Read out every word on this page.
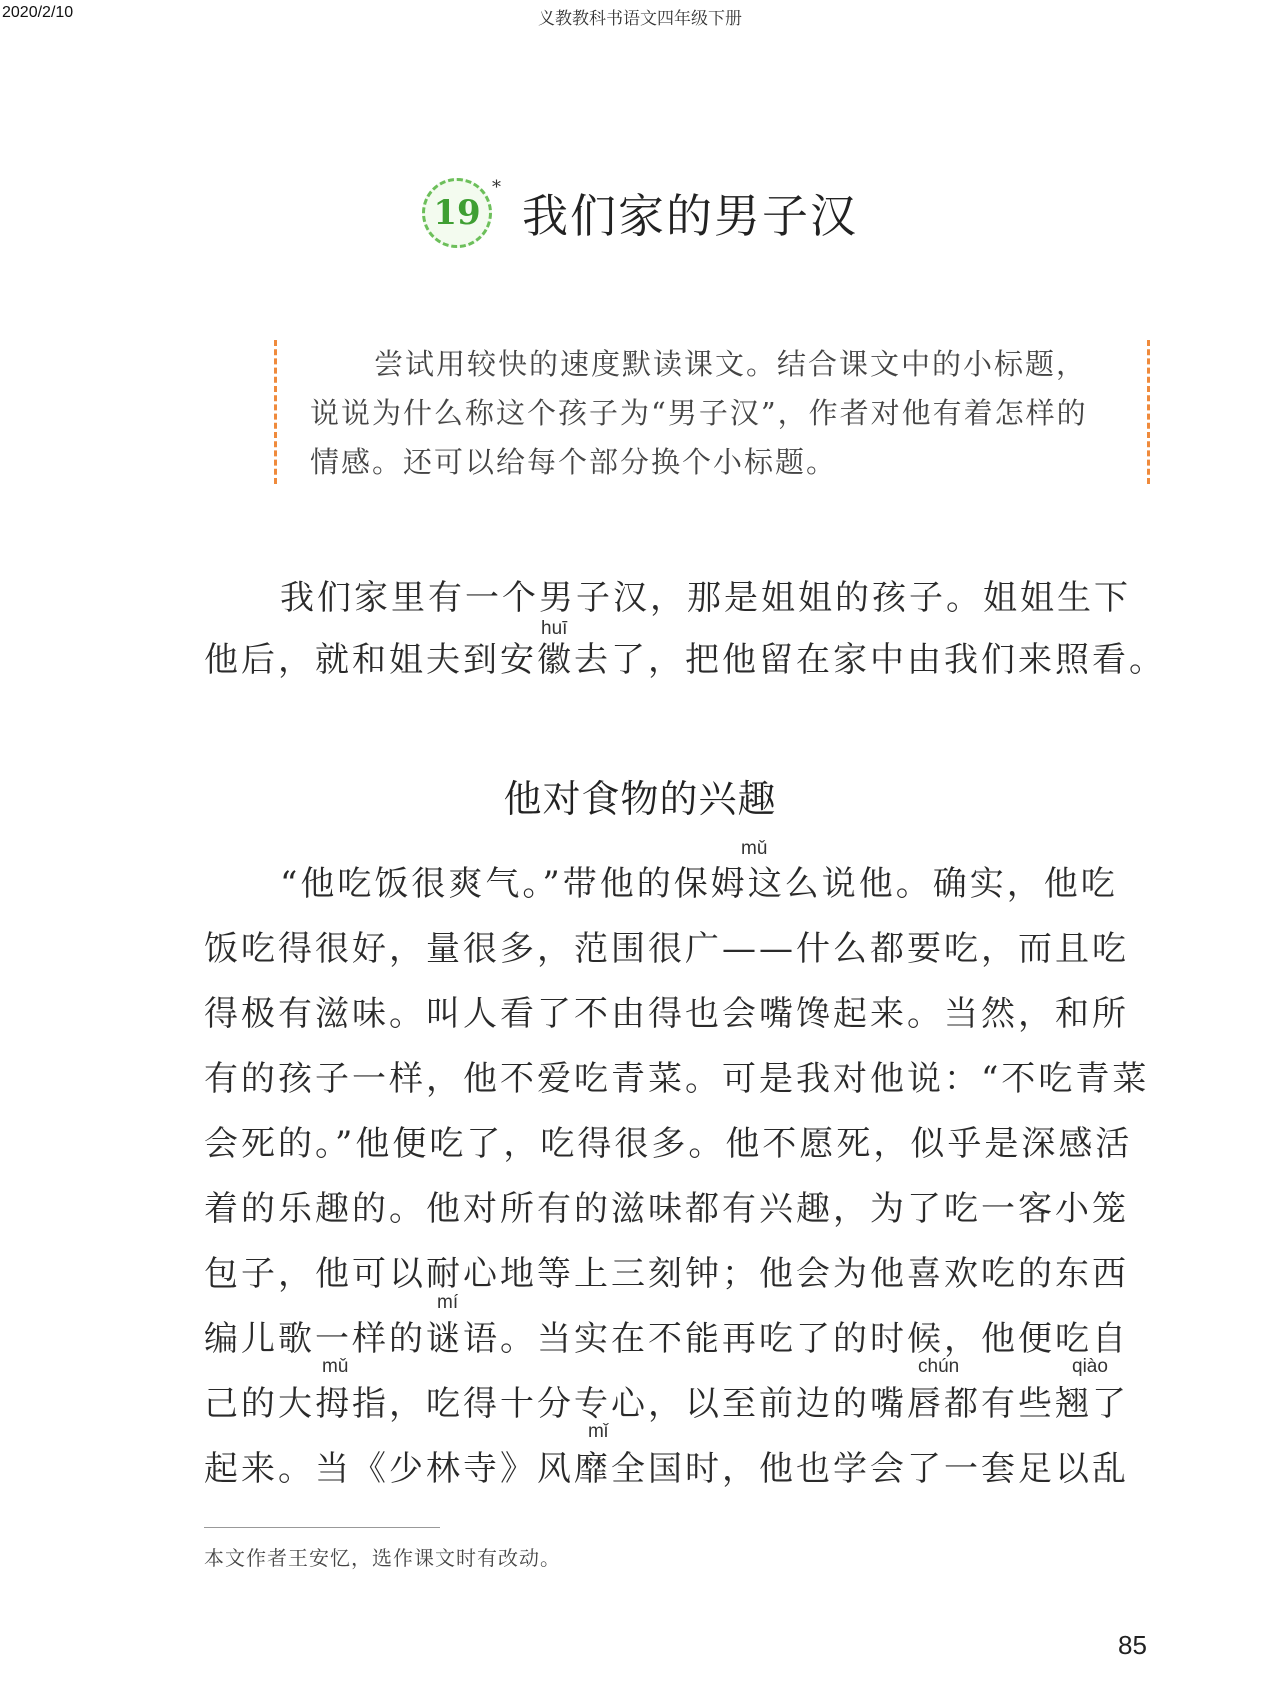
2020/2/10	义教教科书语文四年级下册
19
*
我们家的男子汉
尝试用较快的速度默读课文。结合课文中的小标题，说说为什么称这个孩子为“男子汉”，作者对他有着怎样的情感。还可以给每个部分换个小标题。
我们家里有一个男子汉，那是姐姐的孩子。姐姐生下
他后，就和姐夫到安徽去了，把他留在家中由我们来照看。
huī
他对食物的兴趣
mǔ
“他吃饭很爽气。”带他的保姆这么说他。确实，他吃
饭吃得很好，量很多，范围很广——什么都要吃，而且吃
得极有滋味。叫人看了不由得也会嘴馋起来。当然，和所
有的孩子一样，他不爱吃青菜。可是我对他说：“不吃青菜
会死的。”他便吃了，吃得很多。他不愿死，似乎是深感活
着的乐趣的。他对所有的滋味都有兴趣，为了吃一客小笼
包子，他可以耐心地等上三刻钟；他会为他喜欢吃的东西
编儿歌一样的谜语。当实在不能再吃了的时候，他便吃自
己的大拇指，吃得十分专心，以至前边的嘴唇都有些翘了
起来。当《少林寺》风靡全国时，他也学会了一套足以乱
mí
mǔ	chún	qiào
mǐ
本文作者王安忆，选作课文时有改动。
85
